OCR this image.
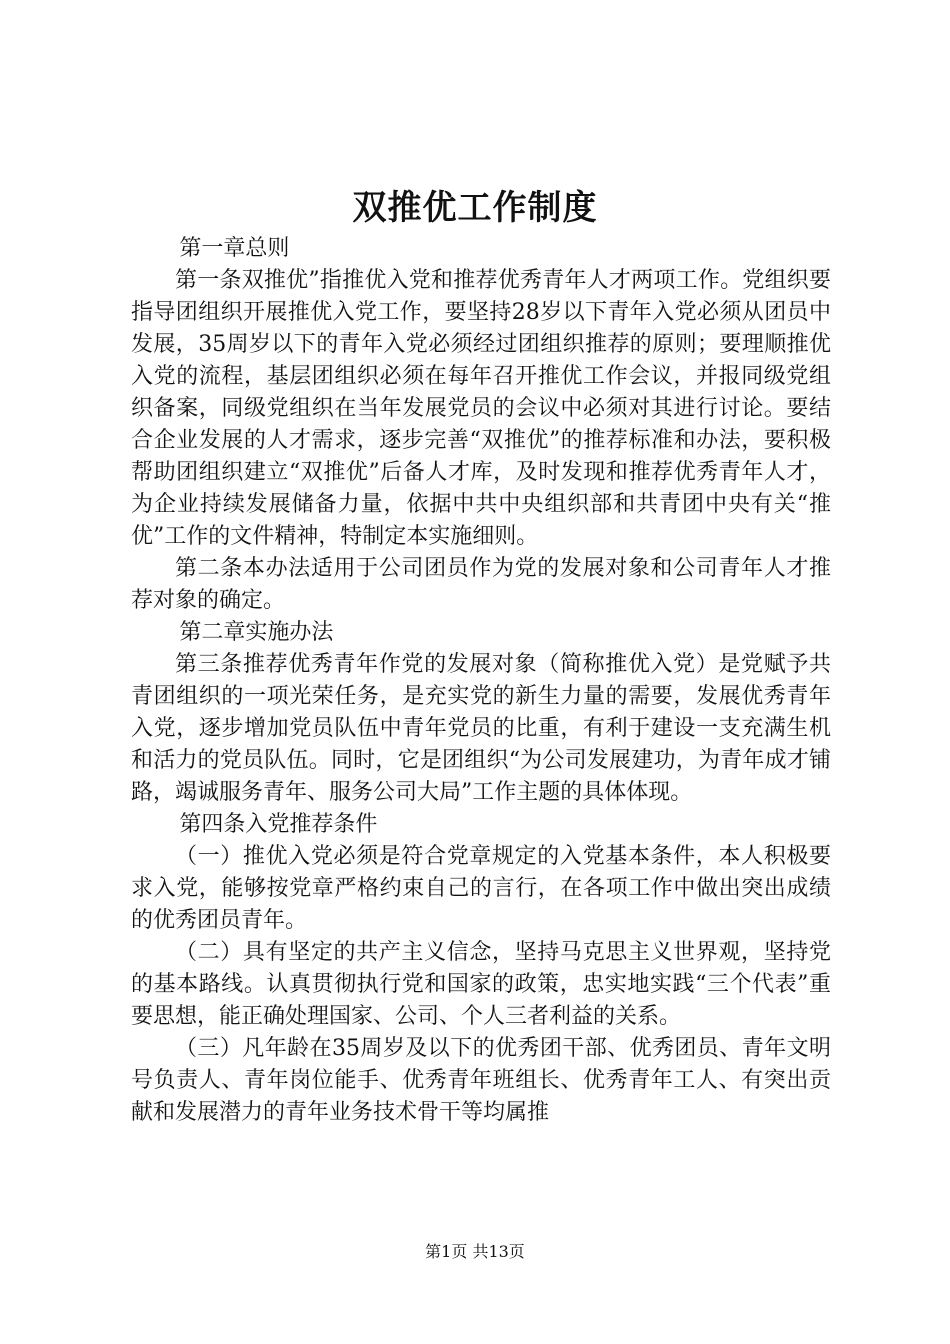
双推优工作制度

第一章总则

第一条双推优”指推优入党和推荐优秀青年人才两项工作。党组织要指导团组织开展推优入党工作，要坚持28岁以下青年入党必须从团员中发展，35周岁以下的青年入党必须经过团组织推荐的原则；要理顺推优入党的流程，基层团组织必须在每年召开推优工作会议，并报同级党组织备案，同级党组织在当年发展党员的会议中必须对其进行讨论。要结合企业发展的人才需求，逐步完善“双推优”的推荐标准和办法，要积极帮助团组织建立“双推优”后备人才库，及时发现和推荐优秀青年人才，为企业持续发展储备力量，依据中共中央组织部和共青团中央有关“推优”工作的文件精神，特制定本实施细则。

第二条本办法适用于公司团员作为党的发展对象和公司青年人才推荐对象的确定。

第二章实施办法

第三条推荐优秀青年作党的发展对象（简称推优入党）是党赋予共青团组织的一项光荣任务，是充实党的新生力量的需要，发展优秀青年入党，逐步增加党员队伍中青年党员的比重，有利于建设一支充满生机和活力的党员队伍。同时，它是团组织“为公司发展建功，为青年成才铺路，竭诚服务青年、服务公司大局”工作主题的具体体现。

第四条入党推荐条件

（一）推优入党必须是符合党章规定的入党基本条件，本人积极要求入党，能够按党章严格约束自己的言行，在各项工作中做出突出成绩的优秀团员青年。

（二）具有坚定的共产主义信念，坚持马克思主义世界观，坚持党的基本路线。认真贯彻执行党和国家的政策，忠实地实践“三个代表”重要思想，能正确处理国家、公司、个人三者利益的关系。

（三）凡年龄在35周岁及以下的优秀团干部、优秀团员、青年文明号负责人、青年岗位能手、优秀青年班组长、优秀青年工人、有突出贡献和发展潜力的青年业务技术骨干等均属推

第1页 共13页
